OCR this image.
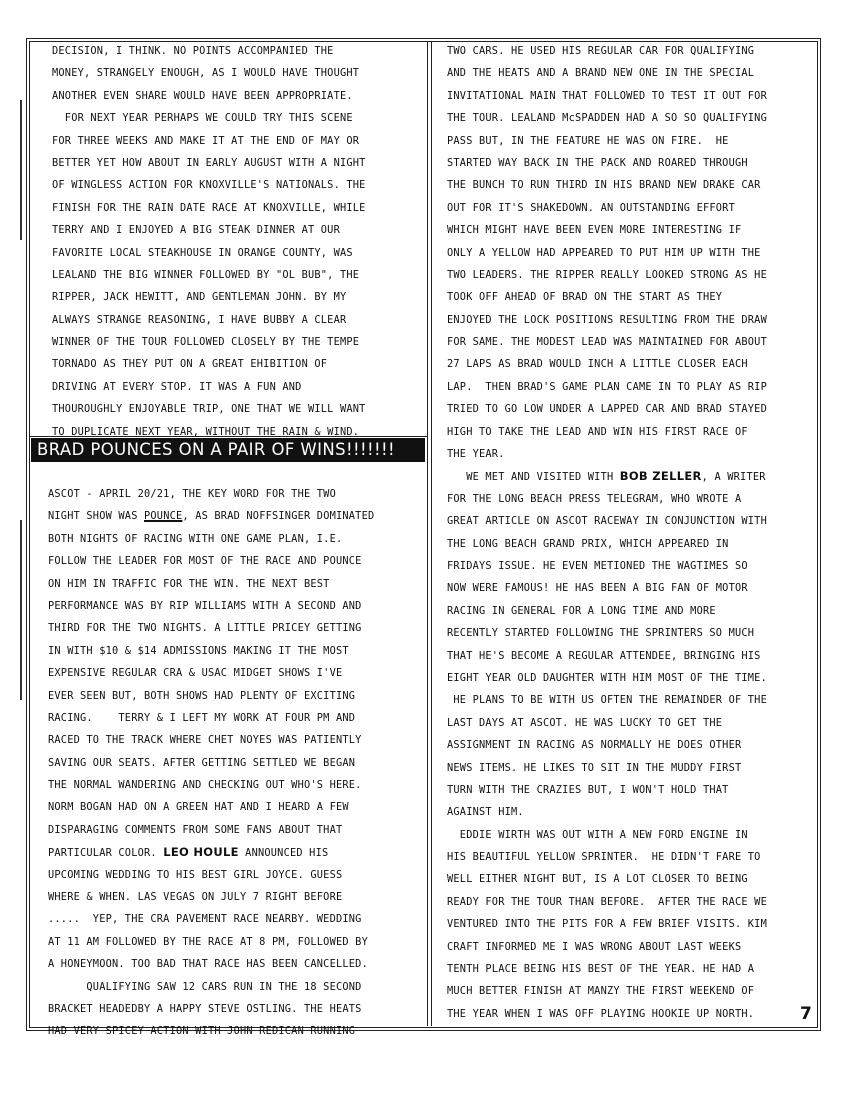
DECISION, I THINK. NO POINTS ACCOMPANIED THE
MONEY, STRANGELY ENOUGH, AS I WOULD HAVE THOUGHT
ANOTHER EVEN SHARE WOULD HAVE BEEN APPROPRIATE.
FOR NEXT YEAR PERHAPS WE COULD TRY THIS SCENE
FOR THREE WEEKS AND MAKE IT AT THE END OF MAY OR
BETTER YET HOW ABOUT IN EARLY AUGUST WITH A NIGHT
OF WINGLESS ACTION FOR KNOXVILLE'S NATIONALS. THE
FINISH FOR THE RAIN DATE RACE AT KNOXVILLE, WHILE
TERRY AND I ENJOYED A BIG STEAK DINNER AT OUR
FAVORITE LOCAL STEAKHOUSE IN ORANGE COUNTY, WAS
LEALAND THE BIG WINNER FOLLOWED BY "OL BUB", THE
RIPPER, JACK HEWITT, AND GENTLEMAN JOHN. BY MY
ALWAYS STRANGE REASONING, I HAVE BUBBY A CLEAR
WINNER OF THE TOUR FOLLOWED CLOSELY BY THE TEMPE
TORNADO AS THEY PUT ON A GREAT EHIBITION OF
DRIVING AT EVERY STOP. IT WAS A FUN AND
THOUROUGHLY ENJOYABLE TRIP, ONE THAT WE WILL WANT
TO DUPLICATE NEXT YEAR, WITHOUT THE RAIN & WIND.
BRAD POUNCES ON A PAIR OF WINS!!!!!!!
ASCOT - APRIL 20/21, THE KEY WORD FOR THE TWO
NIGHT SHOW WAS POUNCE, AS BRAD NOFFSINGER DOMINATED
BOTH NIGHTS OF RACING WITH ONE GAME PLAN, I.E.
FOLLOW THE LEADER FOR MOST OF THE RACE AND POUNCE
ON HIM IN TRAFFIC FOR THE WIN. THE NEXT BEST
PERFORMANCE WAS BY RIP WILLIAMS WITH A SECOND AND
THIRD FOR THE TWO NIGHTS. A LITTLE PRICEY GETTING
IN WITH $10 & $14 ADMISSIONS MAKING IT THE MOST
EXPENSIVE REGULAR CRA & USAC MIDGET SHOWS I'VE
EVER SEEN BUT, BOTH SHOWS HAD PLENTY OF EXCITING
RACING.    TERRY & I LEFT MY WORK AT FOUR PM AND
RACED TO THE TRACK WHERE CHET NOYES WAS PATIENTLY
SAVING OUR SEATS. AFTER GETTING SETTLED WE BEGAN
THE NORMAL WANDERING AND CHECKING OUT WHO'S HERE.
NORM BOGAN HAD ON A GREEN HAT AND I HEARD A FEW
DISPARAGING COMMENTS FROM SOME FANS ABOUT THAT
PARTICULAR COLOR. LEO HOULE ANNOUNCED HIS
UPCOMING WEDDING TO HIS BEST GIRL JOYCE. GUESS
WHERE & WHEN. LAS VEGAS ON JULY 7 RIGHT BEFORE
.....  YEP, THE CRA PAVEMENT RACE NEARBY. WEDDING
AT 11 AM FOLLOWED BY THE RACE AT 8 PM, FOLLOWED BY
A HONEYMOON. TOO BAD THAT RACE HAS BEEN CANCELLED.
QUALIFYING SAW 12 CARS RUN IN THE 18 SECOND
BRACKET HEADEDBY A HAPPY STEVE OSTLING. THE HEATS
HAD VERY SPICEY ACTION WITH JOHN REDICAN RUNNING
TWO CARS. HE USED HIS REGULAR CAR FOR QUALIFYING
AND THE HEATS AND A BRAND NEW ONE IN THE SPECIAL
INVITATIONAL MAIN THAT FOLLOWED TO TEST IT OUT FOR
THE TOUR. LEALAND McSPADDEN HAD A SO SO QUALIFYING
PASS BUT, IN THE FEATURE HE WAS ON FIRE.  HE
STARTED WAY BACK IN THE PACK AND ROARED THROUGH
THE BUNCH TO RUN THIRD IN HIS BRAND NEW DRAKE CAR
OUT FOR IT'S SHAKEDOWN. AN OUTSTANDING EFFORT
WHICH MIGHT HAVE BEEN EVEN MORE INTERESTING IF
ONLY A YELLOW HAD APPEARED TO PUT HIM UP WITH THE
TWO LEADERS. THE RIPPER REALLY LOOKED STRONG AS HE
TOOK OFF AHEAD OF BRAD ON THE START AS THEY
ENJOYED THE LOCK POSITIONS RESULTING FROM THE DRAW
FOR SAME. THE MODEST LEAD WAS MAINTAINED FOR ABOUT
27 LAPS AS BRAD WOULD INCH A LITTLE CLOSER EACH
LAP.  THEN BRAD'S GAME PLAN CAME IN TO PLAY AS RIP
TRIED TO GO LOW UNDER A LAPPED CAR AND BRAD STAYED
HIGH TO TAKE THE LEAD AND WIN HIS FIRST RACE OF
THE YEAR.
WE MET AND VISITED WITH BOB ZELLER, A WRITER
FOR THE LONG BEACH PRESS TELEGRAM, WHO WROTE A
GREAT ARTICLE ON ASCOT RACEWAY IN CONJUNCTION WITH
THE LONG BEACH GRAND PRIX, WHICH APPEARED IN
FRIDAYS ISSUE. HE EVEN METIONED THE WAGTIMES SO
NOW WERE FAMOUS! HE HAS BEEN A BIG FAN OF MOTOR
RACING IN GENERAL FOR A LONG TIME AND MORE
RECENTLY STARTED FOLLOWING THE SPRINTERS SO MUCH
THAT HE'S BECOME A REGULAR ATTENDEE, BRINGING HIS
EIGHT YEAR OLD DAUGHTER WITH HIM MOST OF THE TIME.
HE PLANS TO BE WITH US OFTEN THE REMAINDER OF THE
LAST DAYS AT ASCOT. HE WAS LUCKY TO GET THE
ASSIGNMENT IN RACING AS NORMALLY HE DOES OTHER
NEWS ITEMS. HE LIKES TO SIT IN THE MUDDY FIRST
TURN WITH THE CRAZIES BUT, I WON'T HOLD THAT
AGAINST HIM.
EDDIE WIRTH WAS OUT WITH A NEW FORD ENGINE IN
HIS BEAUTIFUL YELLOW SPRINTER.  HE DIDN'T FARE TO
WELL EITHER NIGHT BUT, IS A LOT CLOSER TO BEING
READY FOR THE TOUR THAN BEFORE.  AFTER THE RACE WE
VENTURED INTO THE PITS FOR A FEW BRIEF VISITS. KIM
CRAFT INFORMED ME I WAS WRONG ABOUT LAST WEEKS
TENTH PLACE BEING HIS BEST OF THE YEAR. HE HAD A
MUCH BETTER FINISH AT MANZY THE FIRST WEEKEND OF
THE YEAR WHEN I WAS OFF PLAYING HOOKIE UP NORTH.	7
